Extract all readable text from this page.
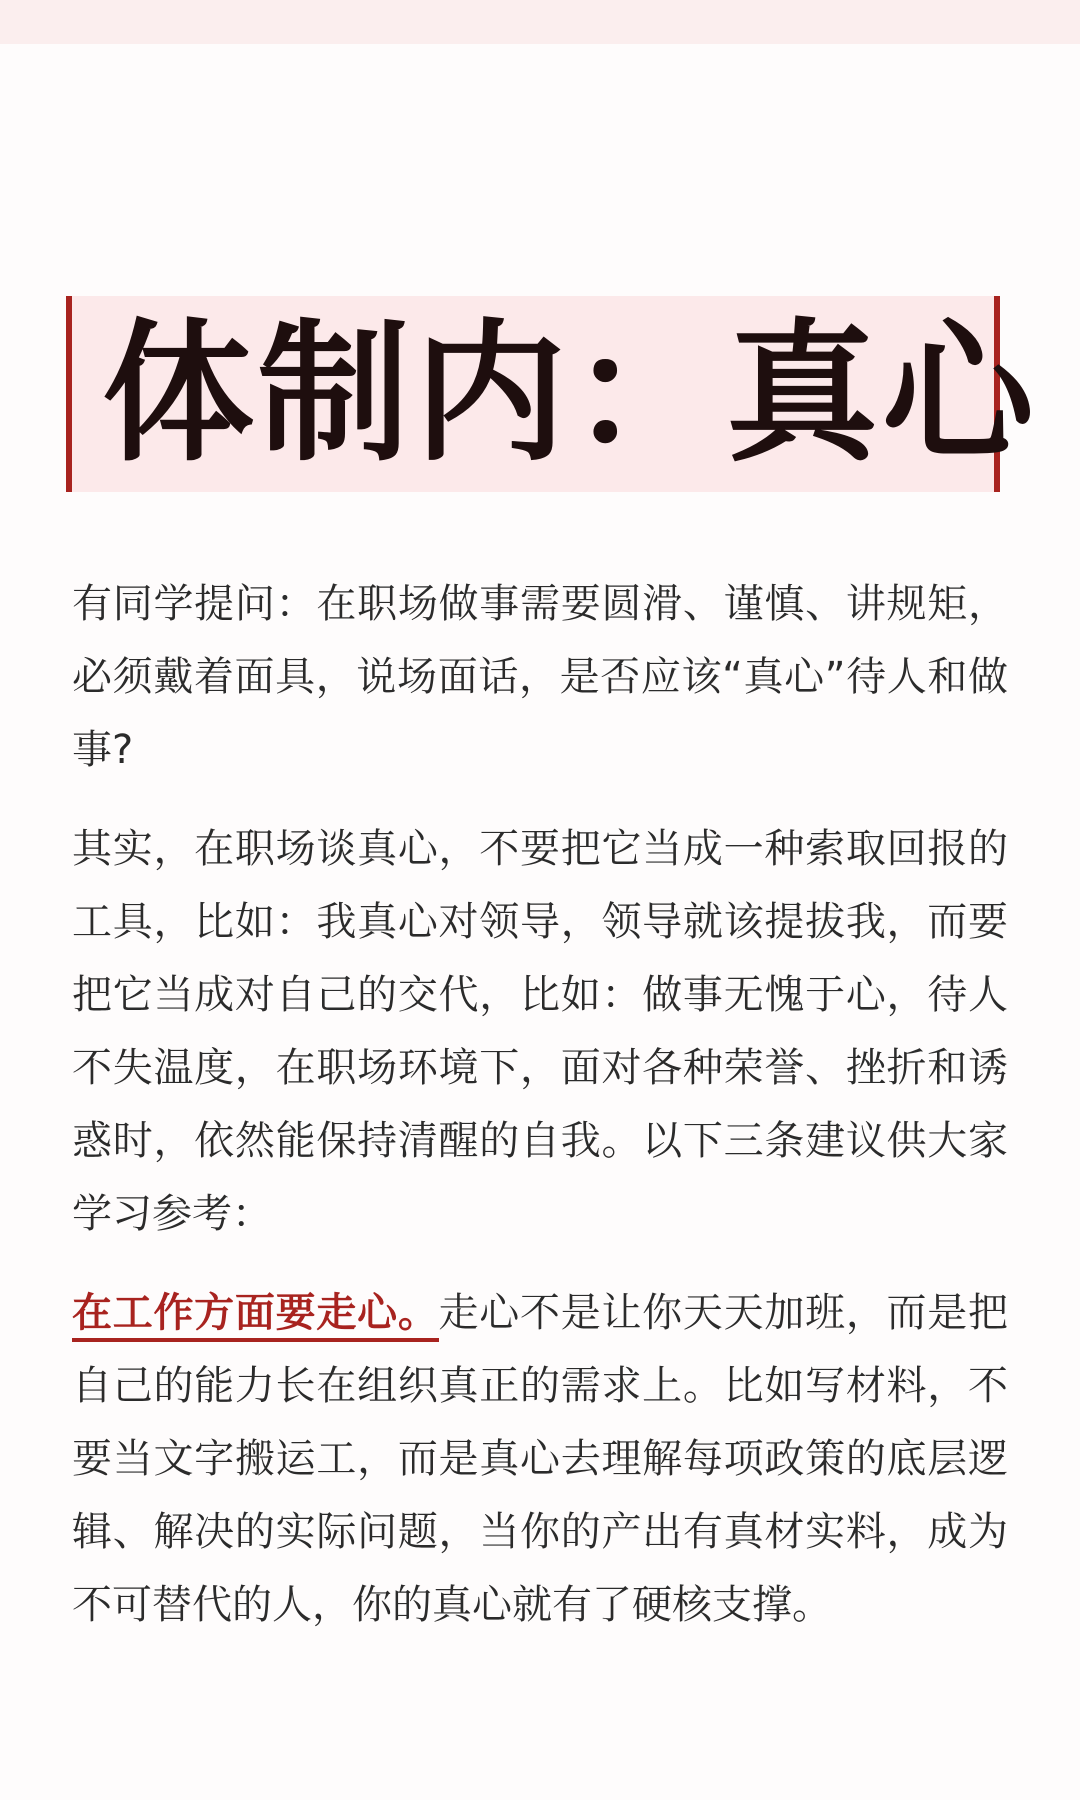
体制内：真心

有同学提问：在职场做事需要圆滑、谨慎、讲规矩，必须戴着面具，说场面话，是否应该“真心”待人和做事?

其实，在职场谈真心，不要把它当成一种索取回报的工具，比如：我真心对领导，领导就该提拔我，而要把它当成对自己的交代，比如：做事无愧于心，待人不失温度，在职场环境下，面对各种荣誉、挫折和诱惑时，依然能保持清醒的自我。以下三条建议供大家学习参考：

在工作方面要走心。走心不是让你天天加班，而是把自己的能力长在组织真正的需求上。比如写材料，不要当文字搬运工，而是真心去理解每项政策的底层逻辑、解决的实际问题，当你的产出有真材实料，成为不可替代的人，你的真心就有了硬核支撑。
